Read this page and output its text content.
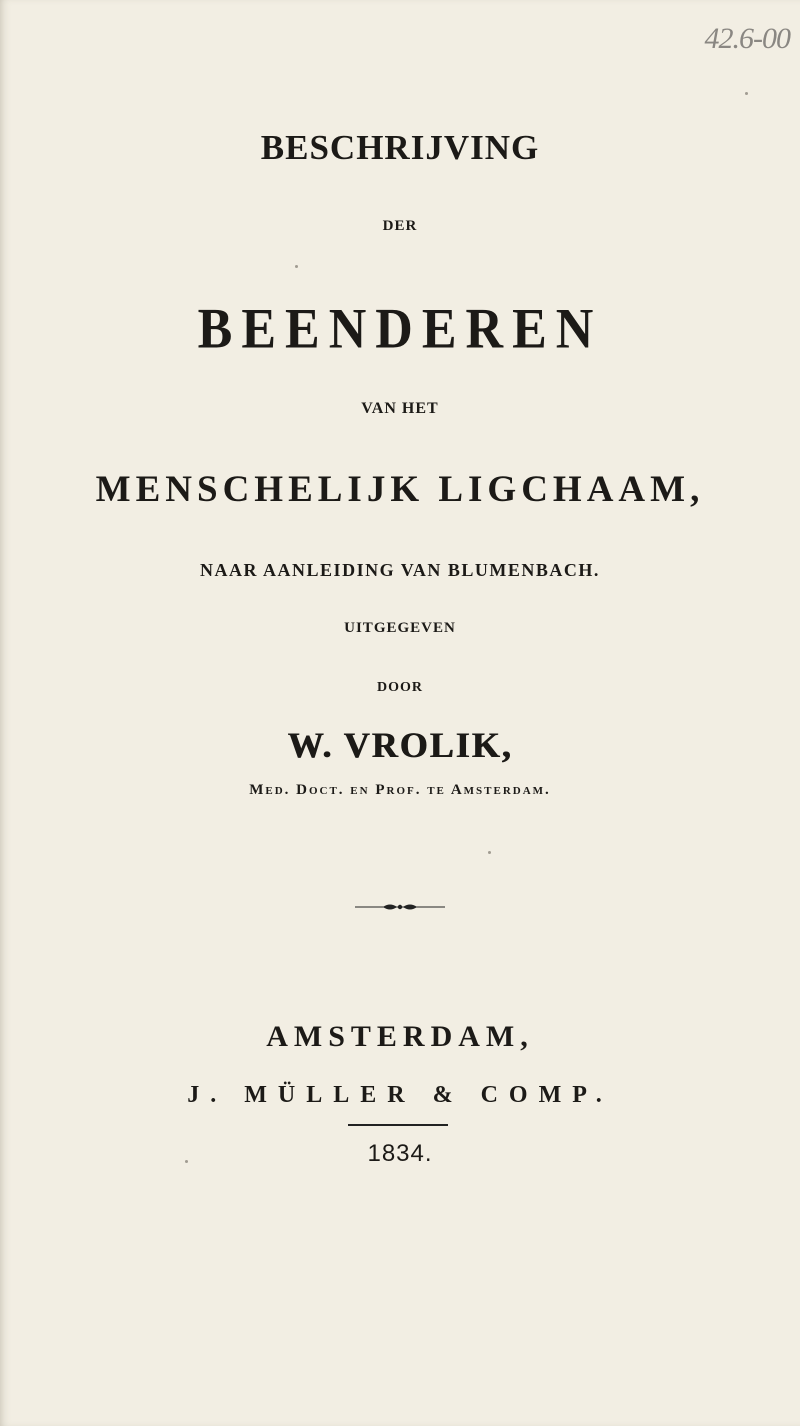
42.6-00
BESCHRIJVING
DER
BEENDEREN
VAN HET
MENSCHELIJK LIGCHAAM,
NAAR AANLEIDING VAN BLUMENBACH.
UITGEGEVEN
DOOR
W. VROLIK,
Med. Doct. en Prof. te Amsterdam.
AMSTERDAM,
J. MÜLLER & COMP.
1834.
